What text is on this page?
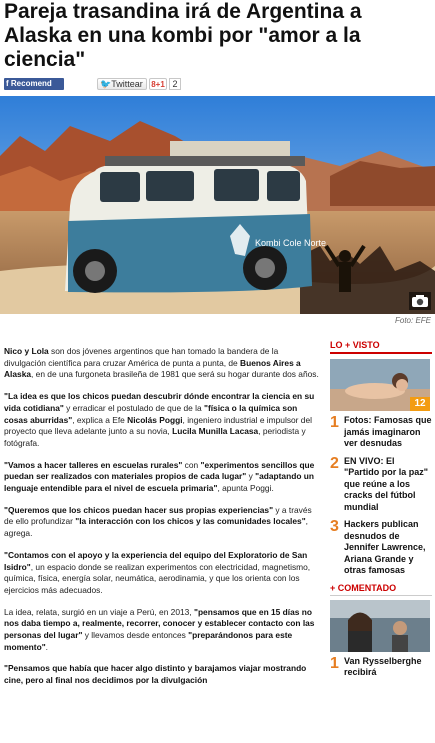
Pareja trasandina irá de Argentina a Alaska en una kombi por "amor a la ciencia"
f Recomend	🐦Twittear	8+1 2
Kombi Cole Norte
Foto: EFE

Nico y Lola son dos jóvenes argentinos que han tomado la bandera de la divulgación científica para cruzar América de punta a punta, de Buenos Aires a Alaska, en de una furgoneta brasileña de 1981 que será su hogar durante dos años.

"La idea es que los chicos puedan descubrir dónde encontrar la ciencia en su vida cotidiana" y erradicar el postulado de que de la "física o la química son cosas aburridas", explica a Efe Nicolás Poggi, ingeniero industrial e impulsor del proyecto que lleva adelante junto a su novia, Lucila Munilla Lacasa, periodista y fotógrafa.

"Vamos a hacer talleres en escuelas rurales" con "experimentos sencillos que puedan ser realizados con materiales propios de cada lugar" y "adaptando un lenguaje entendible para el nivel de escuela primaria", apunta Poggi.

"Queremos que los chicos puedan hacer sus propias experiencias" y a través de ello profundizar "la interacción con los chicos y las comunidades locales", agrega.

"Contamos con el apoyo y la experiencia del equipo del Exploratorio de San Isidro", un espacio donde se realizan experimentos con electricidad, magnetismo, química, física, energía solar, neumática, aerodinamia, y que los orienta con los ejercicios más adecuados.

La idea, relata, surgió en un viaje a Perú, en 2013, "pensamos que en 15 días no nos daba tiempo a, realmente, recorrer, conocer y establecer contacto con las personas del lugar" y llevamos desde entonces "preparándonos para este momento".

"Pensamos que había que hacer algo distinto y barajamos viajar mostrando cine, pero al final nos decidimos por la divulgación

LO + VISTO
12
1 Fotos: Famosas que jamás imaginaron ver desnudas
2 EN VIVO: El "Partido por la paz" que reúne a los cracks del fútbol mundial
3 Hackers publican desnudos de Jennifer Lawrence, Ariana Grande y otras famosas
+ COMENTADO
1 Van Rysselberghe recibirá
